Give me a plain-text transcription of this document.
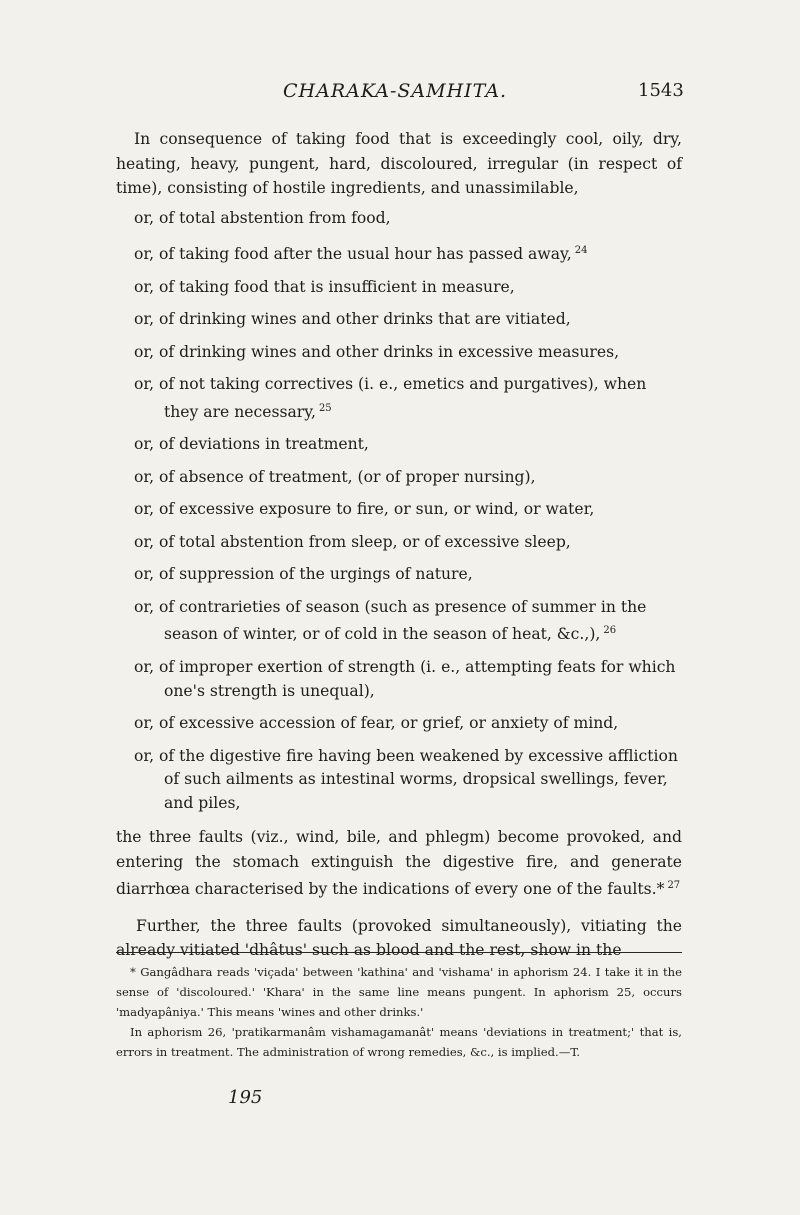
CHARAKA-SAMHITA.	1543

In consequence of taking food that is exceedingly cool, oily, dry, heating, heavy, pungent, hard, discoloured, irregular (in respect of time), consisting of hostile ingredients, and unassimilable,

or, of total abstention from food,
or, of taking food after the usual hour has passed away, $^{24}$
or, of taking food that is insufficient in measure,
or, of drinking wines and other drinks that are vitiated,
or, of drinking wines and other drinks in excessive measures,
or, of not taking correctives (i. e., emetics and purgatives), when they are necessary, $^{25}$
or, of deviations in treatment,
or, of absence of treatment, (or of proper nursing),
or, of excessive exposure to fire, or sun, or wind, or water,
or, of total abstention from sleep, or of excessive sleep,
or, of suppression of the urgings of nature,
or, of contrarieties of season (such as presence of summer in the season of winter, or of cold in the season of heat, &c.,), $^{26}$
or, of improper exertion of strength (i. e., attempting feats for which one's strength is unequal),
or, of excessive accession of fear, or grief, or anxiety of mind,
or, of the digestive fire having been weakened by excessive affliction of such ailments as intestinal worms, dropsical swellings, fever, and piles,

the three faults (viz., wind, bile, and phlegm) become provoked, and entering the stomach extinguish the digestive fire, and generate diarrhœa characterised by the indications of every one of the faults.* $^{27}$

Further, the three faults (provoked simultaneously), vitiating the already vitiated 'dhâtus' such as blood and the rest, show in the

* Gangâdhara reads 'viçada' between 'kathina' and 'vishama' in aphorism 24. I take it in the sense of 'discoloured.' 'Khara' in the same line means pungent. In aphorism 25, occurs 'madyapâniya.' This means 'wines and other drinks.'

In aphorism 26, 'pratikarmanâm vishamagamanât' means 'deviations in treatment;' that is, errors in treatment. The administration of wrong remedies, &c., is implied.—T.

195
